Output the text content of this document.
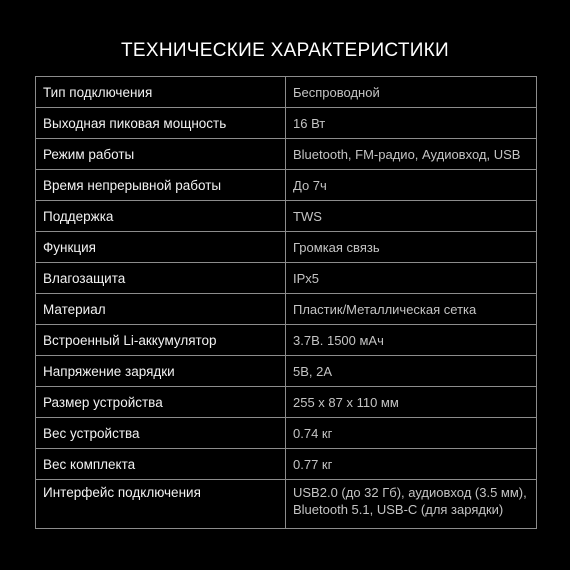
ТЕХНИЧЕСКИЕ ХАРАКТЕРИСТИКИ
Тип подключения	Беспроводной
Выходная пиковая мощность	16 Вт
Режим работы	Bluetooth, FM-радио, Аудиовход, USB
Время непрерывной работы	До 7ч
Поддержка	TWS
Функция	Громкая связь
Влагозащита	IPx5
Материал	Пластик/Металлическая сетка
Встроенный Li-аккумулятор	3.7В. 1500 мАч
Напряжение зарядки	5В, 2А
Размер устройства	255 x 87 x 110 мм
Вес устройства	0.74 кг
Вес комплекта	0.77 кг
Интерфейс подключения	USB2.0 (до 32 Гб), аудиовход (3.5 мм),
Bluetooth 5.1, USB-C (для зарядки)
